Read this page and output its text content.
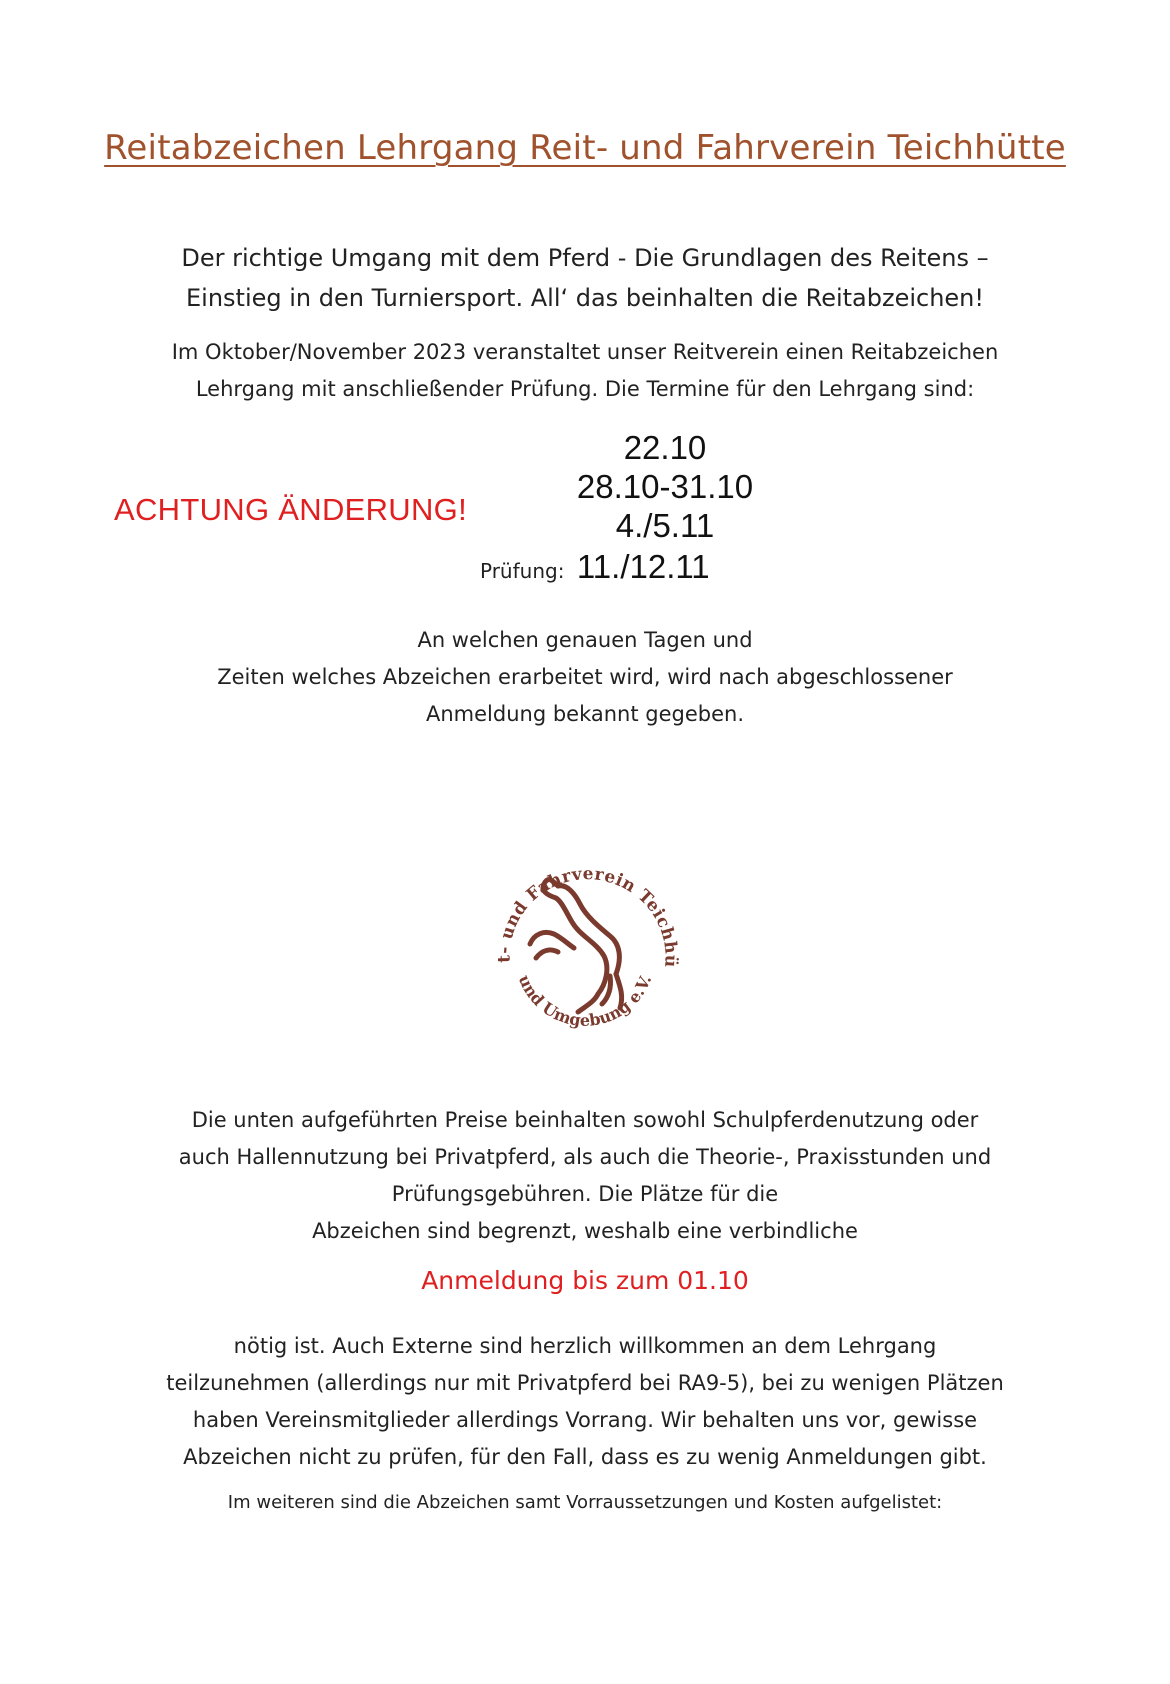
Reitabzeichen Lehrgang Reit- und Fahrverein Teichhütte
Der richtige Umgang mit dem Pferd - Die Grundlagen des Reitens –
Einstieg in den Turniersport. All‘ das beinhalten die Reitabzeichen!
Im Oktober/November 2023 veranstaltet unser Reitverein einen Reitabzeichen
Lehrgang mit anschließender Prüfung. Die Termine für den Lehrgang sind:
ACHTUNG ÄNDERUNG!
22.10
28.10-31.10
4./5.11
Prüfung: 11./12.11
An welchen genauen Tagen und
Zeiten welches Abzeichen erarbeitet wird, wird nach abgeschlossener
Anmeldung bekannt gegeben.
t- und Fahrverein Teichhü
und Umgebung e.V.
Die unten aufgeführten Preise beinhalten sowohl Schulpferdenutzung oder
auch Hallennutzung bei Privatpferd, als auch die Theorie-, Praxisstunden und
Prüfungsgebühren. Die Plätze für die
Abzeichen sind begrenzt, weshalb eine verbindliche
Anmeldung bis zum 01.10
nötig ist. Auch Externe sind herzlich willkommen an dem Lehrgang
teilzunehmen (allerdings nur mit Privatpferd bei RA9-5), bei zu wenigen Plätzen
haben Vereinsmitglieder allerdings Vorrang. Wir behalten uns vor, gewisse
Abzeichen nicht zu prüfen, für den Fall, dass es zu wenig Anmeldungen gibt.
Im weiteren sind die Abzeichen samt Vorraussetzungen und Kosten aufgelistet:
